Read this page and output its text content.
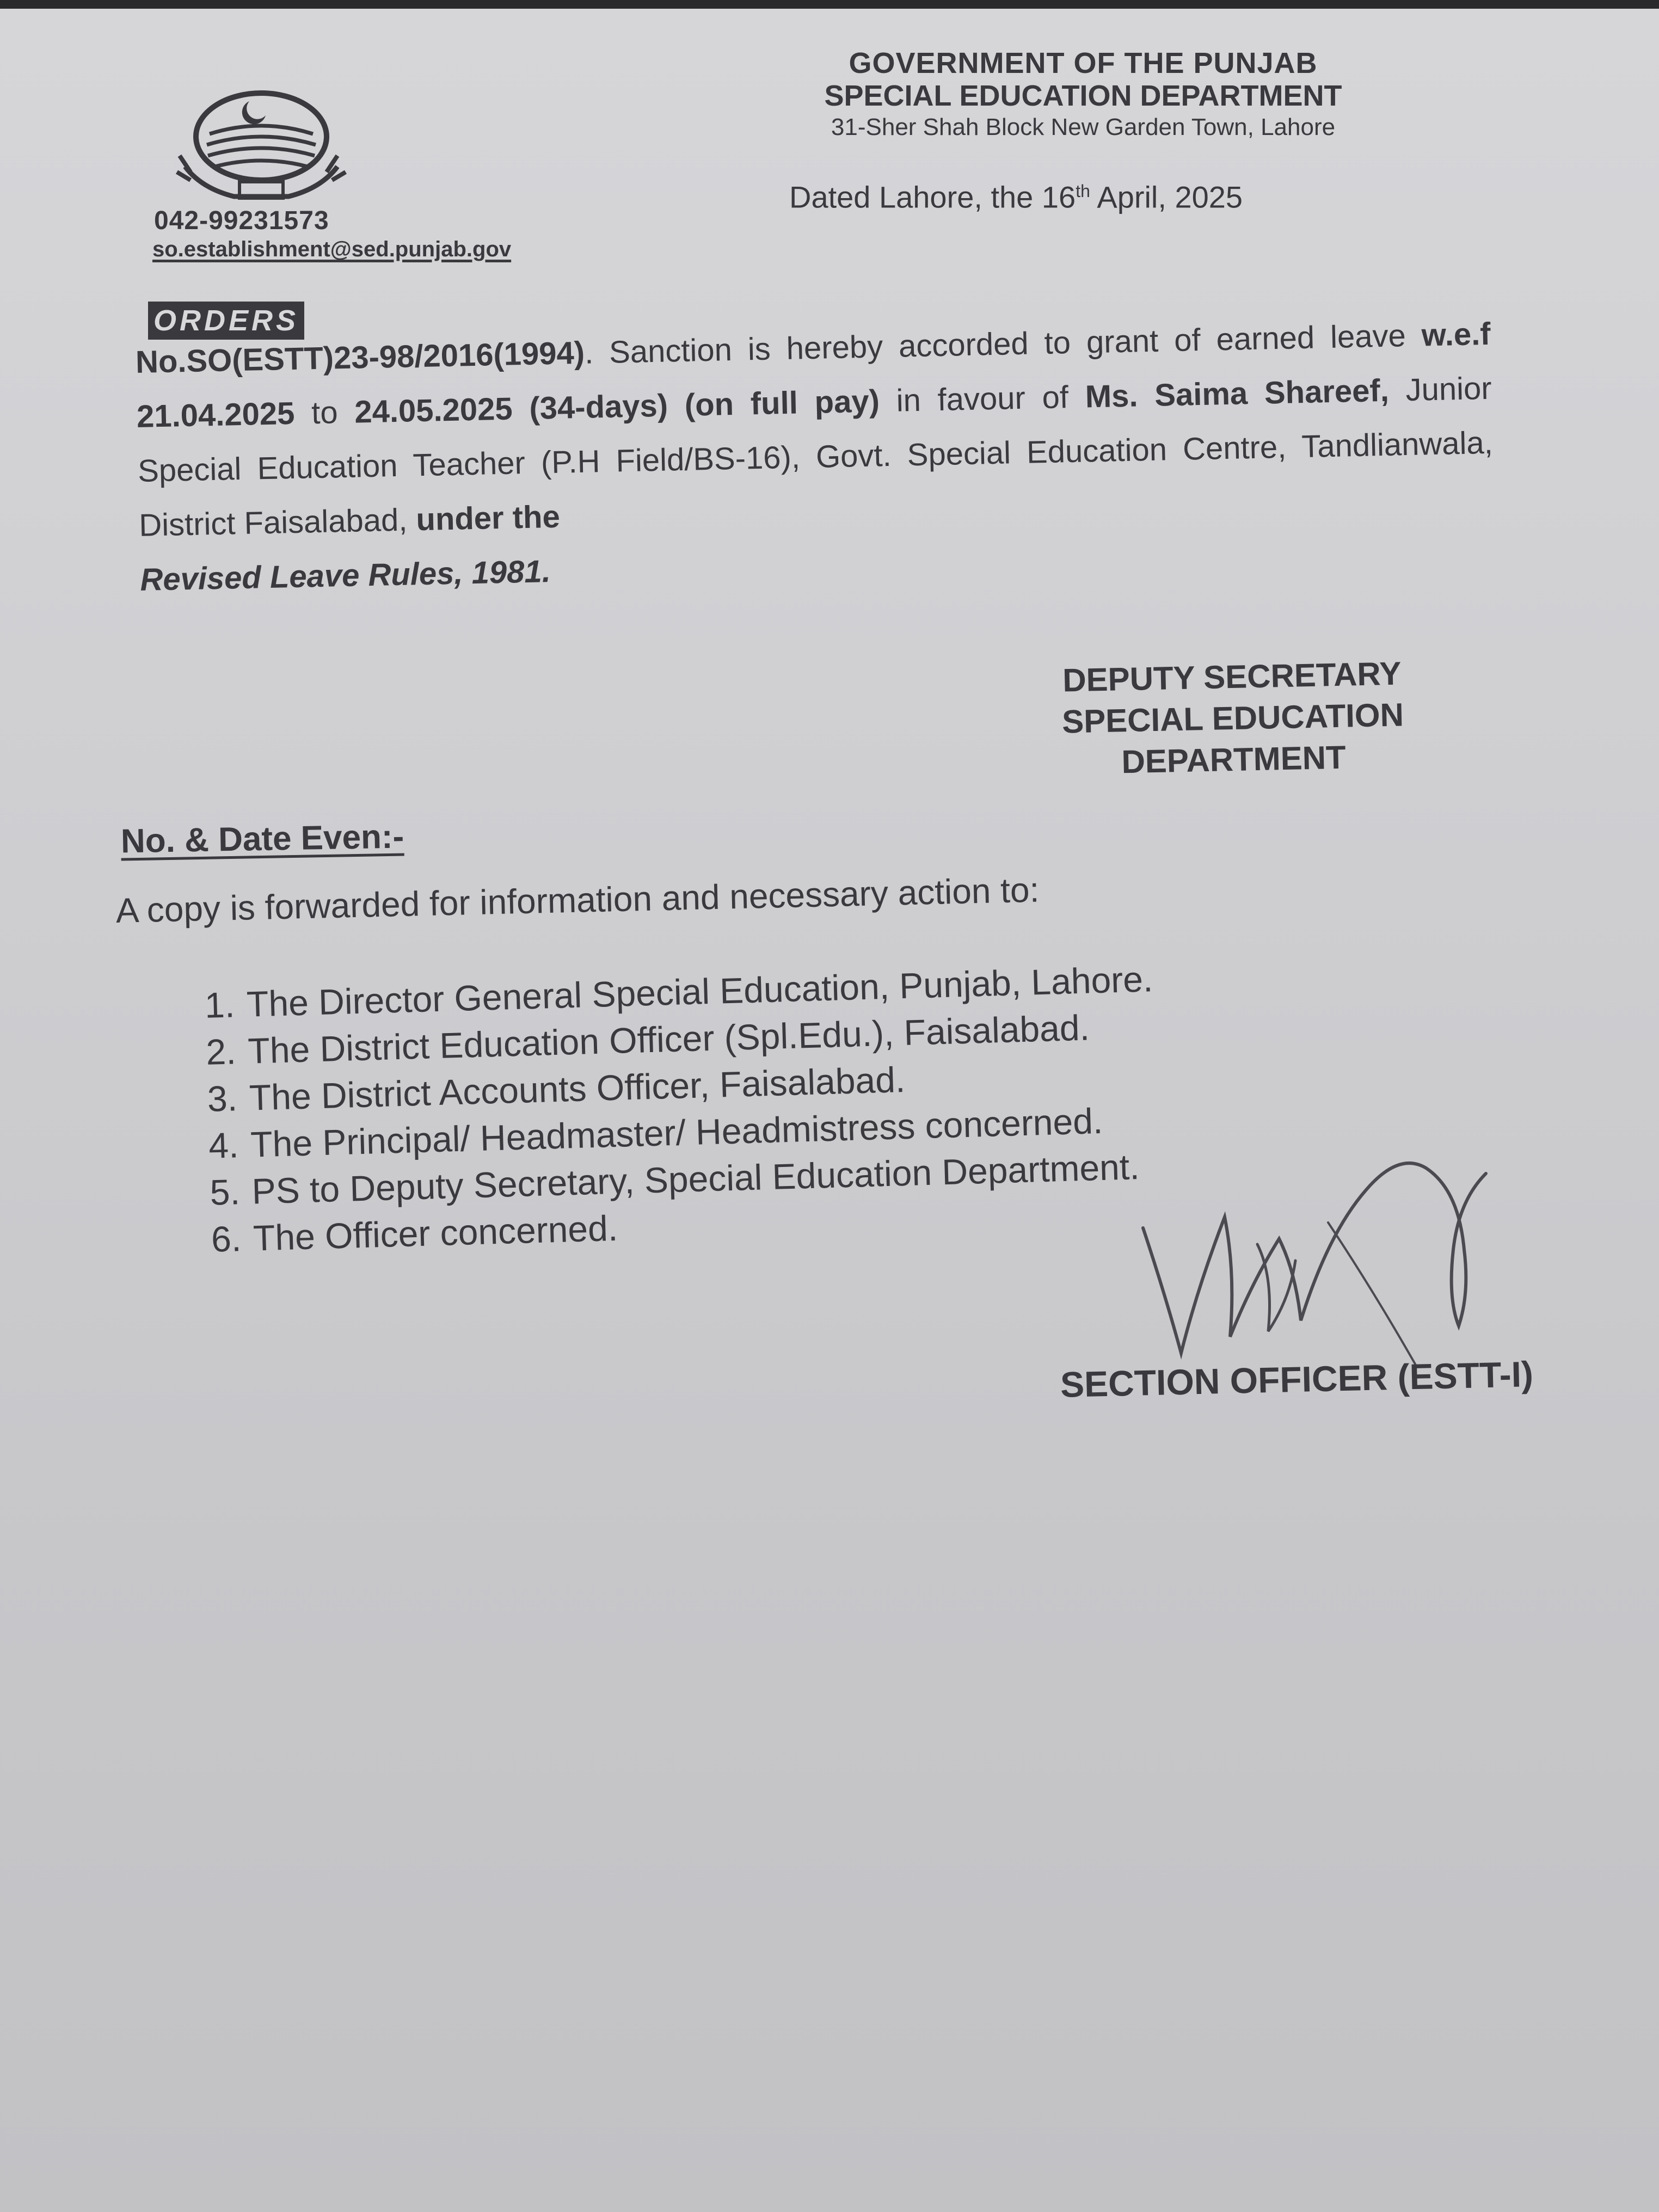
GOVERNMENT OF THE PUNJAB
SPECIAL EDUCATION DEPARTMENT
31-Sher Shah Block New Garden Town, Lahore
Dated Lahore, the 16th April, 2025
042-99231573
so.establishment@sed.punjab.gov
ORDERS
No.SO(ESTT)23-98/2016(1994). Sanction is hereby accorded to grant of earned leave w.e.f 21.04.2025 to 24.05.2025 (34-days) (on full pay) in favour of Ms. Saima Shareef, Junior Special Education Teacher (P.H Field/BS-16), Govt. Special Education Centre, Tandlianwala, District Faisalabad, under the
Revised Leave Rules, 1981.
DEPUTY SECRETARY
SPECIAL EDUCATION
DEPARTMENT
No. & Date Even:-
A copy is forwarded for information and necessary action to:
1. The Director General Special Education, Punjab, Lahore.
2. The District Education Officer (Spl.Edu.), Faisalabad.
3. The District Accounts Officer, Faisalabad.
4. The Principal/ Headmaster/ Headmistress concerned.
5. PS to Deputy Secretary, Special Education Department.
6. The Officer concerned.
SECTION OFFICER (ESTT-I)
